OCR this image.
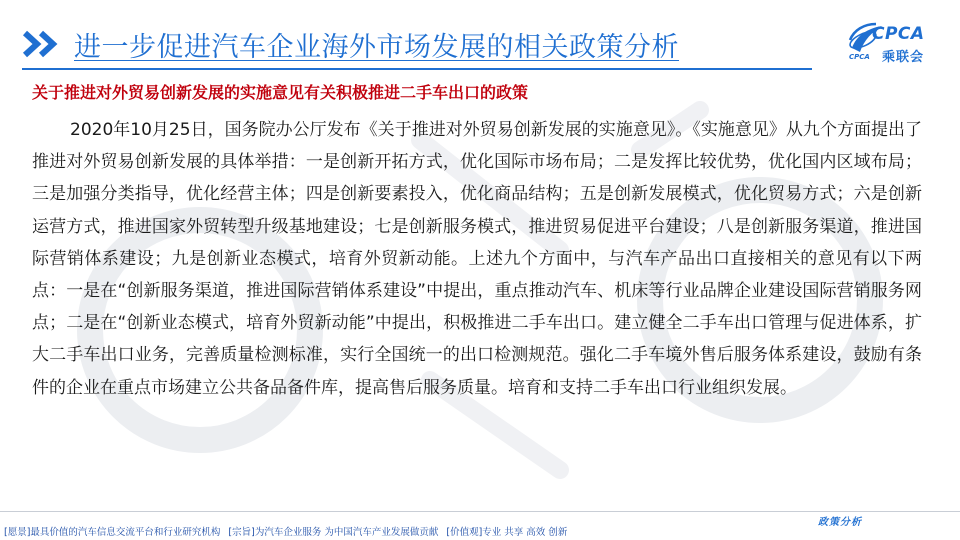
进一步促进汽车企业海外市场发展的相关政策分析	CPCA
乘联会
CPCA
关于推进对外贸易创新发展的实施意见有关积极推进二手车出口的政策

2020年10月25日，国务院办公厅发布《关于推进对外贸易创新发展的实施意见》。《实施意见》从九个方面提出了推进对外贸易创新发展的具体举措：一是创新开拓方式，优化国际市场布局；二是发挥比较优势，优化国内区域布局；三是加强分类指导，优化经营主体；四是创新要素投入，优化商品结构；五是创新发展模式，优化贸易方式；六是创新运营方式，推进国家外贸转型升级基地建设；七是创新服务模式，推进贸易促进平台建设；八是创新服务渠道，推进国际营销体系建设；九是创新业态模式，培育外贸新动能。上述九个方面中，与汽车产品出口直接相关的意见有以下两点：一是在“创新服务渠道，推进国际营销体系建设”中提出，重点推动汽车、机床等行业品牌企业建设国际营销服务网点；二是在“创新业态模式，培育外贸新动能”中提出，积极推进二手车出口。建立健全二手车出口管理与促进体系，扩大二手车出口业务，完善质量检测标准，实行全国统一的出口检测规范。强化二手车境外售后服务体系建设，鼓励有条件的企业在重点市场建立公共备品备件库，提高售后服务质量。培育和支持二手车出口行业组织发展。

政策分析
[愿景]最具价值的汽车信息交流平台和行业研究机构 [宗旨]为汽车企业服务 为中国汽车产业发展做贡献 [价值观]专业 共享 高效 创新
